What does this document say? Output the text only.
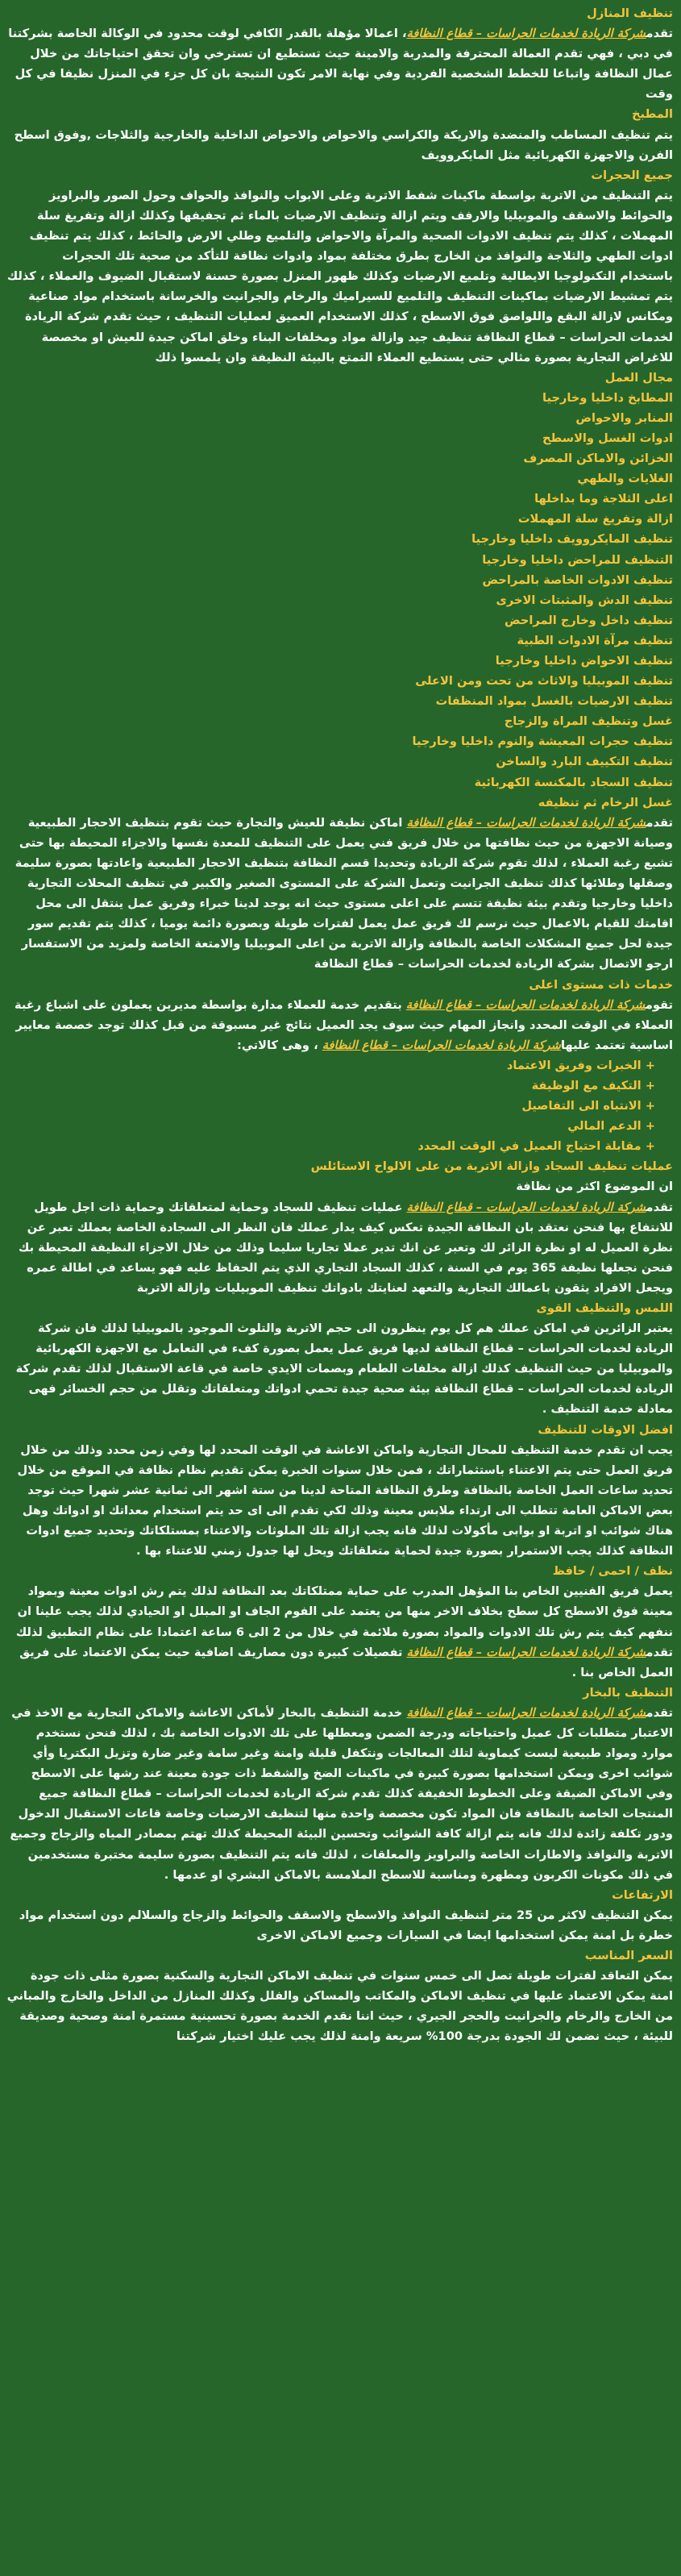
تنظيف المنازل

تقدمشركة الريادة لخدمات الحراسات – قطاع النظافة، اعمالا مؤهلة بالقدر الكافي لوقت محدود في الوكالة الخاصة بشركتنا في دبي ، فهي تقدم العمالة المحترفة والمدربة والامينة حيث تستطيع ان تسترخي وان تحقق احتياجاتك من خلال عمال النظافة واتباعا للخطط الشخصية الفردية وفي نهاية الامر تكون النتيجة بان كل جزء في المنزل نظيفا في كل وقت

المطبخ

يتم تنظيف المساطب والمنضدة والاريكة والكراسي والاحواض والاحواض الداخلية والخارجية والثلاجات ,وفوق اسطح الفرن والاجهزة الكهربائية مثل المايكروويف

جميع الحجرات

يتم التنظيف من الاتربة بواسطة ماكينات شفط الاتربة وعلى الابواب والنوافذ والحواف وحول الصور والبراويز والحوائط والاسقف والموبيليا والارفف ويتم ازالة وتنظيف الارضيات بالماء ثم تجفيفها وكذلك ازالة وتفريغ سلة المهملات ، كذلك يتم تنظيف الادوات الصحية والمرآة والاحواض والتلميع وطلي الارض والحائط ، كذلك يتم تنظيف ادوات الطهي والثلاجة والنوافذ من الخارج بطرق مختلفة بمواد وادوات نظافة للتأكد من صحية تلك الحجرات باستخدام التكنولوجيا الايطالية وتلميع الارضيات وكذلك ظهور المنزل بصورة حسنة لاستقبال الضيوف والعملاء ، كذلك يتم تمشيط الارضيات بماكينات التنظيف والتلميع للسيراميك والرخام والجرانيت والخرسانة باستخدام مواد صناعية ومكانس لازالة البقع واللواصق فوق الاسطح ، كذلك الاستخدام العميق لعمليات التنظيف ، حيث تقدم شركة الريادة لخدمات الحراسات – قطاع النظافة تنظيف جيد وازالة مواد ومخلفات البناء وخلق اماكن جيدة للعيش او مخصصة للاغراض التجارية بصورة مثالي حتى يستطيع العملاء التمتع بالبيئة النظيفة وان يلمسوا ذلك

مجال العمل

المطابخ داخليا وخارجيا
المنابر والاحواض
ادوات الغسل والاسطح
الخزائن والاماكن المصرف
الغلايات والطهي
اعلى الثلاجة وما بداخلها
ازالة وتفريغ سلة المهملات
تنظيف المايكروويف داخليا وخارجيا
التنظيف للمراحض داخليا وخارجيا
تنظيف الادوات الخاصة بالمراحض
تنظيف الدش والمثبتات الاخرى
تنظيف داخل وخارج المراحض
تنظيف مرآة الادوات الطبية
تنظيف الاحواض داخليا وخارجيا
تنظيف الموبيليا والاثاث من تحت ومن الاعلى
تنظيف الارضيات بالغسل بمواد المنظفات
غسل وتنظيف المراة والزجاج
تنظيف حجرات المعيشة والنوم داخليا وخارجيا
تنظيف التكييف البارد والساخن
تنظيف السجاد بالمكنسة الكهربائية
غسل الرخام ثم تنظيفه

تقدمشركة الريادة لخدمات الحراسات – قطاع النظافة اماكن نظيفة للعيش والتجارة حيث تقوم بتنظيف الاحجار الطبيعية وصيانة الاجهزة من حيث نظافتها من خلال فريق فني يعمل على التنظيف للمعدة نفسها والاجزاء المحيطة بها حتى تشبع رغبة العملاء ، لذلك تقوم شركة الريادة وتحديدا قسم النظافة بتنظيف الاحجار الطبيعية واعادتها بصورة سليمة وصقلها وطلائها كذلك تنظيف الجرانيت وتعمل الشركة على المستوى الصغير والكبير في تنظيف المحلات التجارية داخليا وخارجيا وتقدم بيئة نظيفة تتسم على اعلى مستوى حيث انه يوجد لدينا خبراء وفريق عمل ينتقل الى محل اقامتك للقيام بالاعمال حيث نرسم لك فريق عمل يعمل لفترات طويلة وبصورة دائمة يوميا ، كذلك يتم تقديم سور جيدة لحل جميع المشكلات الخاصة بالنظافة وازالة الاتربة من اعلى الموبيليا والامتعة الخاصة ولمزيد من الاستفسار ارجو الاتصال بشركة الريادة لخدمات الحراسات – قطاع النظافة

خدمات ذات مستوى اعلى

تقومشركة الريادة لخدمات الحراسات – قطاع النظافة بتقديم خدمة للعملاء مدارة بواسطة مديرين يعملون على اشباع رغبة العملاء في الوقت المحدد وانجاز المهام حيث سوف يجد العميل نتائج غير مسبوقة من قبل كذلك توجد خصصة معايير اساسية تعتمد عليهاشركة الريادة لخدمات الحراسات – قطاع النظافة ، وهى كالاتي:

+ الخبرات وفريق الاعتماد
+ التكيف مع الوظيفة
+ الانتباه الى التفاصيل
+ الدعم المالي
+ مقابلة احتياج العميل في الوقت المحدد

عمليات تنظيف السجاد وازالة الاتربة من على الالواح الاستائلس

ان الموضوع اكثر من نظافة

تقدمشركة الريادة لخدمات الحراسات – قطاع النظافة عمليات تنظيف للسجاد وحماية لمتعلقاتك وحماية ذات اجل طويل للانتفاع بها فنحن نعتقد بان النظافة الجيدة تعكس كيف يدار عملك فان النظر الى السجادة الخاصة بعملك تعبر عن نظرة العميل له او نظرة الزائر لك وتعبر عن انك تدير عملا تجاريا سليما وذلك من خلال الاجزاء النظيفة المحيطة بك فنحن نجعلها نظيفة 365 يوم في السنة ، كذلك السجاد التجاري الذي يتم الحفاظ عليه فهو يساعد في اطالة عمره ويجعل الافراد يثقون باعمالك التجارية والتعهد لعنايتك بادواتك تنظيف الموبيليات وازالة الاتربة

اللمس والتنظيف القوى

يعتبر الزائرين في اماكن عملك هم كل يوم ينظرون الى حجم الاتربة والتلوث الموجود بالموبيليا لذلك فان شركة الريادة لخدمات الحراسات – قطاع النظافة لديها فريق عمل يعمل بصورة كفء في التعامل مع الاجهزة الكهربائية والموبيليا من حيث التنظيف كذلك ازالة مخلفات الطعام وبصمات الايدي خاصة في قاعة الاستقبال لذلك تقدم شركة الريادة لخدمات الحراسات – قطاع النظافة بيئة صحية جيدة تحمي ادواتك ومتعلقاتك وتقلل من حجم الخسائر فهى معادلة خدمة التنظيف .

افضل الاوقات للتنظيف

يجب ان تقدم خدمة التنظيف للمحال التجارية واماكن الاعاشة في الوقت المحدد لها وفي زمن محدد وذلك من خلال فريق العمل حتى يتم الاعتناء باستثماراتك ، فمن خلال سنوات الخبرة يمكن تقديم نظام نظافة في الموقع من خلال تحديد ساعات العمل الخاصة بالنظافة وطرق النظافة المتاحة لدينا من ستة اشهر الى ثمانية عشر شهرا حيث توجد بعض الاماكن العامة تتطلب الى ارتداء ملابس معينة وذلك لكي تقدم الى اى حد يتم استخدام معداتك او ادواتك وهل هناك شوائب او اتربة او بوابى مأكولات لذلك فانه يجب ازالة تلك الملوثات والاعتناء بمستلكاتك وتحديد جميع ادوات النظافة كذلك يجب الاستمرار بصورة جيدة لحماية متعلقاتك ويحل لها جدول زمني للاعتناء بها .

نظف / احمى / حافظ

يعمل فريق الفنيين الخاص بنا المؤهل المدرب على حماية ممتلكاتك بعد النظافة لذلك يتم رش ادوات معينة وبمواد معينة فوق الاسطح كل سطح بخلاف الاخر منها من يعتمد على الفوم الجاف او المبلل او الحيادي لذلك يجب علينا ان ننفهم كيف يتم رش تلك الادوات والمواد بصورة ملائمة في خلال من 2 الى 6 ساعة اعتمادا على نظام التطبيق لذلك تقدمشركة الريادة لخدمات الحراسات – قطاع النظافة تفصيلات كبيرة دون مصاريف اضافية حيث يمكن الاعتماد على فريق العمل الخاص بنا .

التنظيف بالبخار

تقدمشركة الريادة لخدمات الحراسات – قطاع النظافة خدمة التنظيف بالبخار لأماكن الاعاشة والاماكن التجارية مع الاخذ في الاعتبار متطلبات كل عميل واحتياجاته ودرجة الضمن ومعطلها على تلك الادوات الخاصة بك ، لذلك فنحن نستخدم موارد ومواد طبيعية ليست كيماوية لتلك المعالجات ونتكفل قليلة وامنة وغير سامة وغير ضارة وتزيل البكتريا وأي شوائب اخرى ويمكن استخدامها بصورة كبيرة في ماكينات الضخ والشفط ذات جودة معينة عند رشها على الاسطح وفي الاماكن الضيقة وعلى الخطوط الخفيفة كذلك تقدم شركة الريادة لخدمات الحراسات – قطاع النظافة جميع المنتجات الخاصة بالنظافة فان المواد تكون مخصصة واحدة منها لتنظيف الارضيات وخاصة قاعات الاستقبال الدخول ودور تكلفة زائدة لذلك فانه يتم ازالة كافة الشوائب وتحسين البيئة المحيطة كذلك تهتم بمصادر المياه والزجاج وجميع الاتربة والنوافذ والاطارات الخاصة والبراويز والمعلقات ، لذلك فانه يتم التنظيف بصورة سليمة مختبرة مستخدمين في ذلك مكونات الكربون ومطهرة ومناسبة للاسطح الملامسة بالاماكن البشري او عدمها .

الارتفاعات

يمكن التنظيف لاكثر من 25 متر لتنظيف النوافذ والاسطح والاسقف والحوائط والزجاج والسلالم دون استخدام مواد خطرة بل امنة يمكن استخدامها ايضا في السيارات وجميع الاماكن الاخرى

السعر المناسب

يمكن التعاقد لفترات طويلة تصل الى خمس سنوات في تنظيف الاماكن التجارية والسكنية بصورة مثلى ذات جودة امنة يمكن الاعتماد عليها في تنظيف الاماكن والمكاتب والمساكن والفلل وكذلك المنازل من الداخل والخارج والمباني من الخارج والرخام والجرانيت والحجر الجيري ، حيث اننا نقدم الخدمة بصورة تحسينية مستمرة امنة وصحية وصديقة للبيئة ، حيث نضمن لك الجودة بدرجة 100% سريعة وامنة لذلك يجب عليك اختيار شركتنا
